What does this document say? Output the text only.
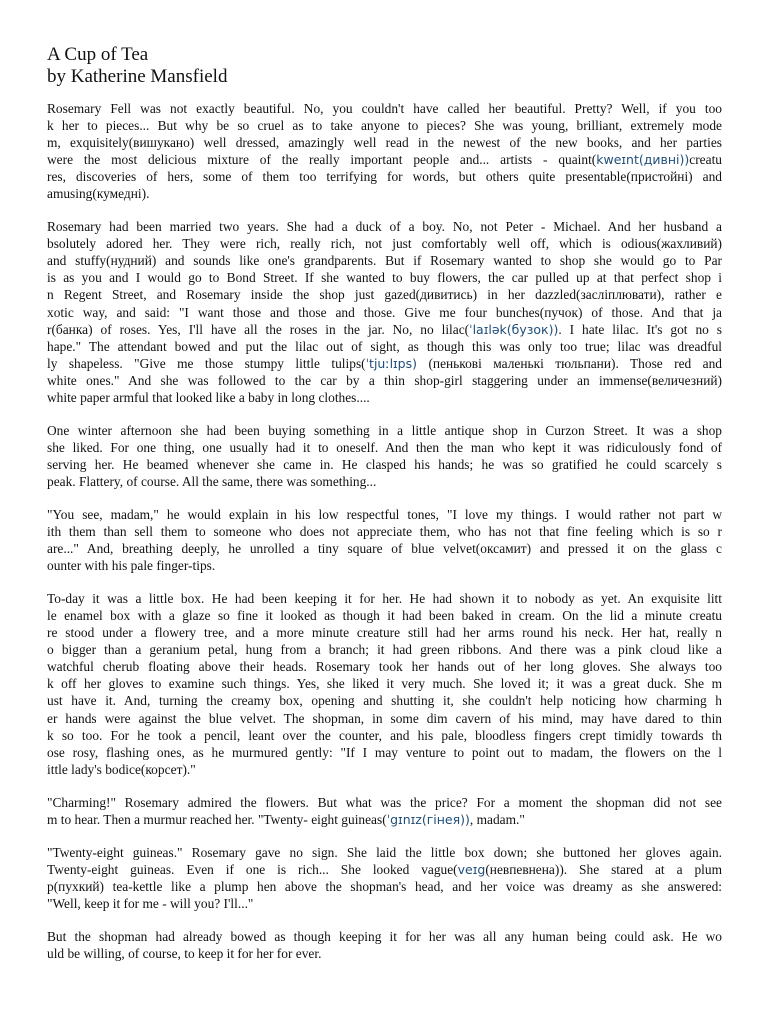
A Cup of Tea
by Katherine Mansfield
Rosemary Fell was not exactly beautiful. No, you couldn't have called her beautiful. Pretty? Well, if you too
k her to pieces... But why be so cruel as to take anyone to pieces? She was young, brilliant, extremely mode
m, exquisitely(вишукано) well dressed, amazingly well read in the newest of the new books, and her parties
were the most delicious mixture of the really important people and... artists - quaint(kweɪnt(дивні))creatu
res, discoveries of hers, some of them too terrifying for words, but others quite presentable(пристойні) and
amusing(кумедні).
Rosemary had been married two years. She had a duck of a boy. No, not Peter - Michael. And her husband a
bsolutely adored her. They were rich, really rich, not just comfortably well off, which is odious(жахливий)
and stuffy(нудний) and sounds like one's grandparents. But if Rosemary wanted to shop she would go to Par
is as you and I would go to Bond Street. If she wanted to buy flowers, the car pulled up at that perfect shop i
n Regent Street, and Rosemary inside the shop just gazed(дивитись) in her dazzled(засліплювати), rather e
xotic way, and said: "I want those and those and those. Give me four bunches(пучок) of those. And that ja
r(банка) of roses. Yes, I'll have all the roses in the jar. No, no lilac(ˈlaɪlək(бузок)). I hate lilac. It's got no s
hape." The attendant bowed and put the lilac out of sight, as though this was only too true; lilac was dreadful
ly shapeless. "Give me those stumpy little tulips(ˈtjuːlɪps) (пеньковi маленькі тюльпани). Those red and
white ones." And she was followed to the car by a thin shop-girl staggering under an immense(величезний)
white paper armful that looked like a baby in long clothes....
One winter afternoon she had been buying something in a little antique shop in Curzon Street. It was a shop
she liked. For one thing, one usually had it to oneself. And then the man who kept it was ridiculously fond of
serving her. He beamed whenever she came in. He clasped his hands; he was so gratified he could scarcely s
peak. Flattery, of course. All the same, there was something...
"You see, madam," he would explain in his low respectful tones, "I love my things. I would rather not part w
ith them than sell them to someone who does not appreciate them, who has not that fine feeling which is so r
are..." And, breathing deeply, he unrolled a tiny square of blue velvet(оксамит) and pressed it on the glass c
ounter with his pale finger-tips.
To-day it was a little box. He had been keeping it for her. He had shown it to nobody as yet. An exquisite litt
le enamel box with a glaze so fine it looked as though it had been baked in cream. On the lid a minute creatu
re stood under a flowery tree, and a more minute creature still had her arms round his neck. Her hat, really n
o bigger than a geranium petal, hung from a branch; it had green ribbons. And there was a pink cloud like a
watchful cherub floating above their heads. Rosemary took her hands out of her long gloves. She always too
k off her gloves to examine such things. Yes, she liked it very much. She loved it; it was a great duck. She m
ust have it. And, turning the creamy box, opening and shutting it, she couldn't help noticing how charming h
er hands were against the blue velvet. The shopman, in some dim cavern of his mind, may have dared to thin
k so too. For he took a pencil, leant over the counter, and his pale, bloodless fingers crept timidly towards th
ose rosy, flashing ones, as he murmured gently: "If I may venture to point out to madam, the flowers on the l
ittle lady's bodice(корсет)."
"Charming!" Rosemary admired the flowers. But what was the price? For a moment the shopman did not see
m to hear. Then a murmur reached her. "Twenty- eight guineas(ˈgɪnɪz(гінея)), madam."
"Twenty-eight guineas." Rosemary gave no sign. She laid the little box down; she buttoned her gloves again.
Twenty-eight guineas. Even if one is rich... She looked vague(veɪg(невпевнена)). She stared at a plum
p(пухкий) tea-kettle like a plump hen above the shopman's head, and her voice was dreamy as she answered:
"Well, keep it for me - will you? I'll..."
But the shopman had already bowed as though keeping it for her was all any human being could ask. He wo
uld be willing, of course, to keep it for her for ever.
